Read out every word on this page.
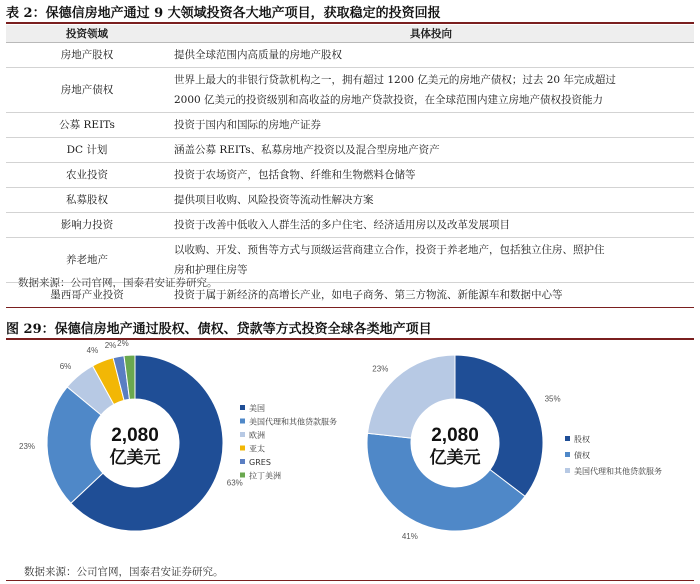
表 2：保德信房地产通过 9 大领域投资各大地产项目，获取稳定的投资回报
投资领域	具体投向
房地产股权	提供全球范围内高质量的房地产股权
房地产债权	世界上最大的非银行贷款机构之一，拥有超过 1200 亿美元的房地产债权；过去 20 年完成超过
2000 亿美元的投资级别和高收益的房地产贷款投资，在全球范围内建立房地产债权投资能力

公募 REITs	投资于国内和国际的房地产证券
DC 计划	涵盖公募 REITs、私募房地产投资以及混合型房地产资产
农业投资	投资于农场资产，包括食物、纤维和生物燃料仓储等
私募股权	提供项目收购、风险投资等流动性解决方案
影响力投资	投资于改善中低收入人群生活的多户住宅、经济适用房以及改革发展项目
养老地产	以收购、开发、预售等方式与顶级运营商建立合作，投资于养老地产，包括独立住房、照护住
房和护理住房等

墨西哥产业投资	投资于属于新经济的高增长产业，如电子商务、第三方物流、新能源车和数据中心等
数据来源：公司官网，国泰君安证券研究。
图 29：保德信房地产通过股权、债权、贷款等方式投资全球各类地产项目
63%
23%
6%
4%
2% 2%
2,080
亿美元
美国
美国代理和其他贷款服务
欧洲
亚太
GRES
拉丁美洲
35%
41%
23%
2,080
亿美元
股权
债权
美国代理和其他贷款服务
数据来源：公司官网，国泰君安证券研究。
